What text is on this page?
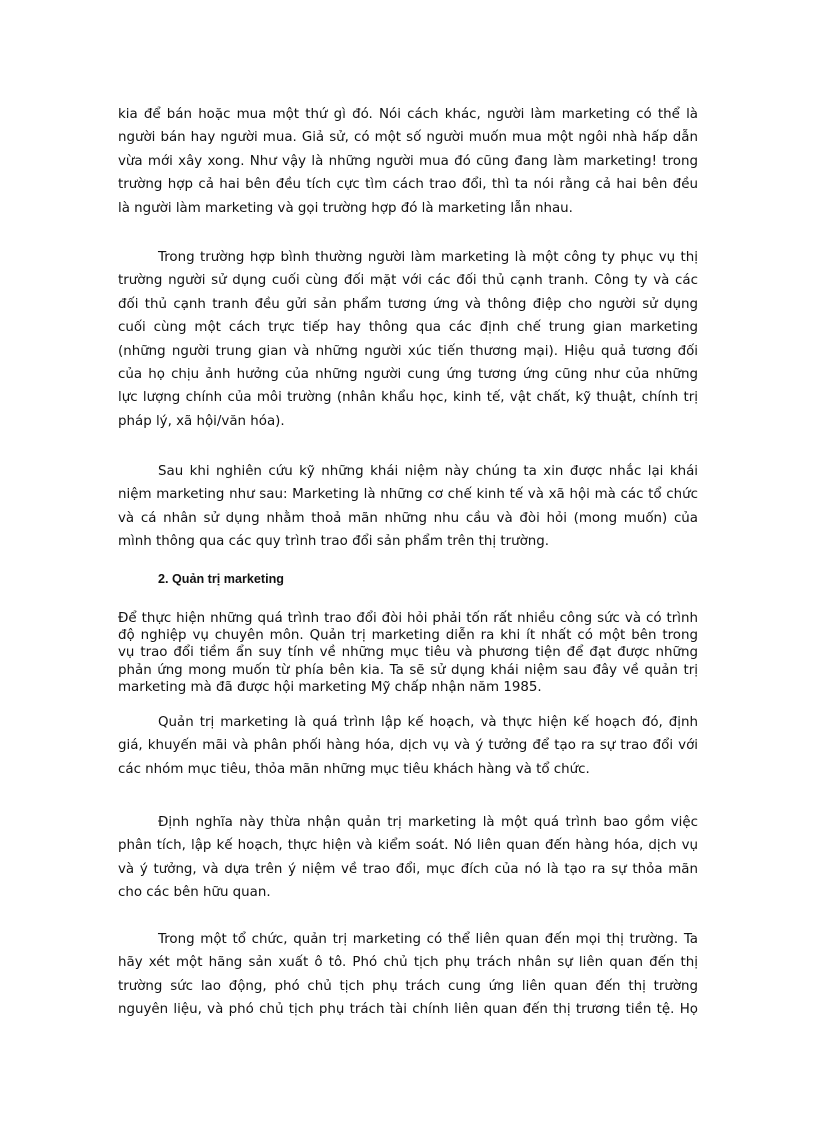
kia để bán hoặc mua một thứ gì đó. Nói cách khác, người làm marketing có thể là
người bán hay người mua. Giả sử, có một số người muốn mua một ngôi nhà hấp dẫn
vừa mới xây xong. Như vậy là những người mua đó cũng đang làm marketing! trong
trường hợp cả hai bên đều tích cực tìm cách trao đổi, thì ta nói rằng cả hai bên đều
là người làm marketing và gọi trường hợp đó là marketing lẫn nhau.
Trong trường hợp bình thường người làm marketing là một công ty phục vụ thị
trường người sử dụng cuối cùng đối mặt với các đối thủ cạnh tranh. Công ty và các
đối thủ cạnh tranh đều gửi sản phẩm tương ứng và thông điệp cho người sử dụng
cuối cùng một cách trực tiếp hay thông qua các định chế trung gian marketing
(những người trung gian và những người xúc tiến thương mại). Hiệu quả tương đối
của họ chịu ảnh hưởng của những người cung ứng tương ứng cũng như của những
lực lượng chính của môi trường (nhân khẩu học, kinh tế, vật chất, kỹ thuật, chính trị
pháp lý, xã hội/văn hóa).
Sau khi nghiên cứu kỹ những khái niệm này chúng ta xin được nhắc lại khái
niệm marketing như sau: Marketing là những cơ chế kinh tế và xã hội mà các tổ chức
và cá nhân sử dụng nhằm thoả mãn những nhu cầu và đòi hỏi (mong muốn) của
mình thông qua các quy trình trao đổi sản phẩm trên thị trường.
2. Quản trị marketing
Để thực hiện những quá trình trao đổi đòi hỏi phải tốn rất nhiều công sức và có trình
độ nghiệp vụ chuyên môn. Quản trị marketing diễn ra khi ít nhất có một bên trong
vụ trao đổi tiềm ẩn suy tính về những mục tiêu và phương tiện để đạt được những
phản ứng mong muốn từ phía bên kia. Ta sẽ sử dụng khái niệm sau đây về quản trị
marketing mà đã được hội marketing Mỹ chấp nhận năm 1985.
Quản trị marketing là quá trình lập kế hoạch, và thực hiện kế hoạch đó, định
giá, khuyến mãi và phân phối hàng hóa, dịch vụ và ý tưởng để tạo ra sự trao đổi với
các nhóm mục tiêu, thỏa mãn những mục tiêu khách hàng và tổ chức.
Định nghĩa này thừa nhận quản trị marketing là một quá trình bao gồm việc
phân tích, lập kế hoạch, thực hiện và kiểm soát. Nó liên quan đến hàng hóa, dịch vụ
và ý tưởng, và dựa trên ý niệm về trao đổi, mục đích của nó là tạo ra sự thỏa mãn
cho các bên hữu quan.
Trong một tổ chức, quản trị marketing có thể liên quan đến mọi thị trường. Ta
hãy xét một hãng sản xuất ô tô. Phó chủ tịch phụ trách nhân sự liên quan đến thị
trường sức lao động, phó chủ tịch phụ trách cung ứng liên quan đến thị trường
nguyên liệu, và phó chủ tịch phụ trách tài chính liên quan đến thị trương tiền tệ. Họ
